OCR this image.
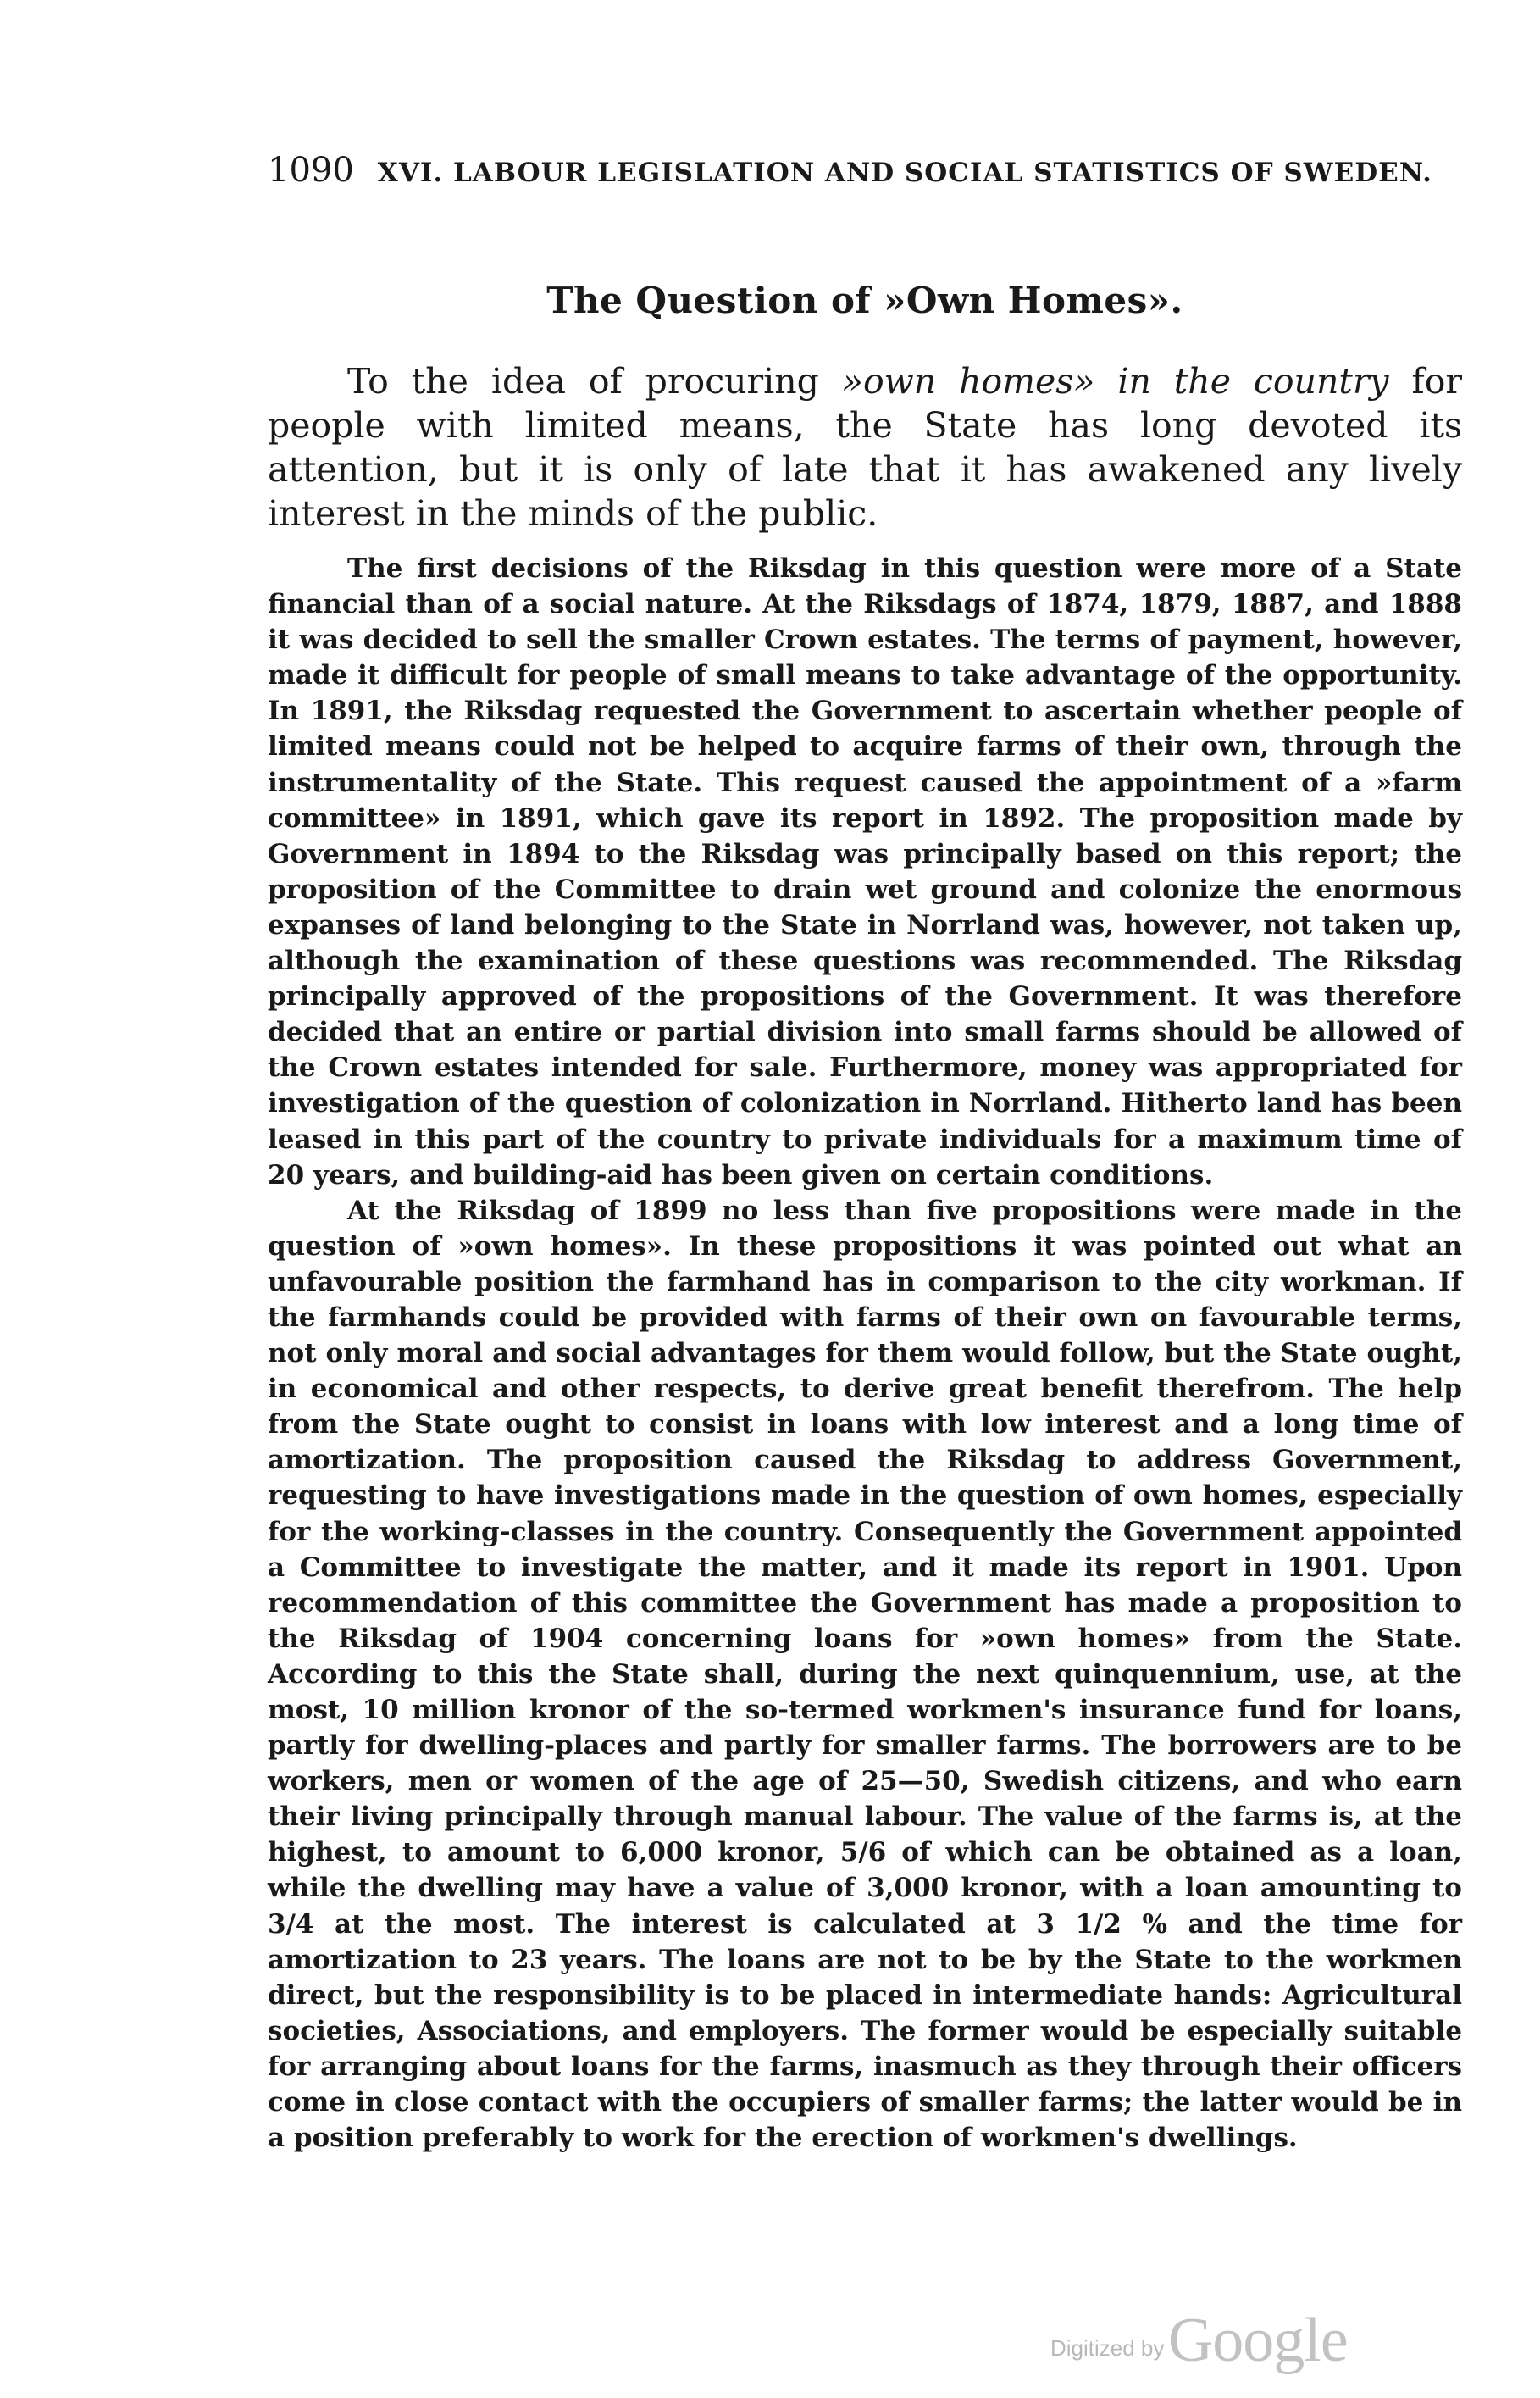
1090 XVI. LABOUR LEGISLATION AND SOCIAL STATISTICS OF SWEDEN.
The Question of »Own Homes».

To the idea of procuring »own homes» in the country for people with limited means, the State has long devoted its attention, but it is only of late that it has awakened any lively interest in the minds of the public.

The first decisions of the Riksdag in this question were more of a State financial than of a social nature. At the Riksdags of 1874, 1879, 1887, and 1888 it was decided to sell the smaller Crown estates. The terms of payment, however, made it difficult for people of small means to take advantage of the opportunity. In 1891, the Riksdag requested the Government to ascertain whether people of limited means could not be helped to acquire farms of their own, through the instrumentality of the State. This request caused the appointment of a »farm committee» in 1891, which gave its report in 1892. The proposition made by Government in 1894 to the Riksdag was principally based on this report; the proposition of the Committee to drain wet ground and colonize the enormous expanses of land belonging to the State in Norrland was, however, not taken up, although the examination of these questions was recommended. The Riksdag principally approved of the propositions of the Government. It was therefore decided that an entire or partial division into small farms should be allowed of the Crown estates intended for sale. Furthermore, money was appropriated for investigation of the question of colonization in Norrland. Hitherto land has been leased in this part of the country to private individuals for a maximum time of 20 years, and building-aid has been given on certain conditions.

At the Riksdag of 1899 no less than five propositions were made in the question of »own homes». In these propositions it was pointed out what an unfavourable position the farmhand has in comparison to the city workman. If the farmhands could be provided with farms of their own on favourable terms, not only moral and social advantages for them would follow, but the State ought, in economical and other respects, to derive great benefit therefrom. The help from the State ought to consist in loans with low interest and a long time of amortization. The proposition caused the Riksdag to address Government, requesting to have investigations made in the question of own homes, especially for the working-classes in the country. Consequently the Government appointed a Committee to investigate the matter, and it made its report in 1901. Upon recommendation of this committee the Government has made a proposition to the Riksdag of 1904 concerning loans for »own homes» from the State. According to this the State shall, during the next quinquennium, use, at the most, 10 million kronor of the so-termed workmen's insurance fund for loans, partly for dwelling-places and partly for smaller farms. The borrowers are to be workers, men or women of the age of 25—50, Swedish citizens, and who earn their living principally through manual labour. The value of the farms is, at the highest, to amount to 6,000 kronor, 5/6 of which can be obtained as a loan, while the dwelling may have a value of 3,000 kronor, with a loan amounting to 3/4 at the most. The interest is calculated at 3 1/2 % and the time for amortization to 23 years. The loans are not to be by the State to the workmen direct, but the responsibility is to be placed in intermediate hands: Agricultural societies, Associations, and employers. The former would be especially suitable for arranging about loans for the farms, inasmuch as they through their officers come in close contact with the occupiers of smaller farms; the latter would be in a position preferably to work for the erection of workmen's dwellings.

Digitized by Google
